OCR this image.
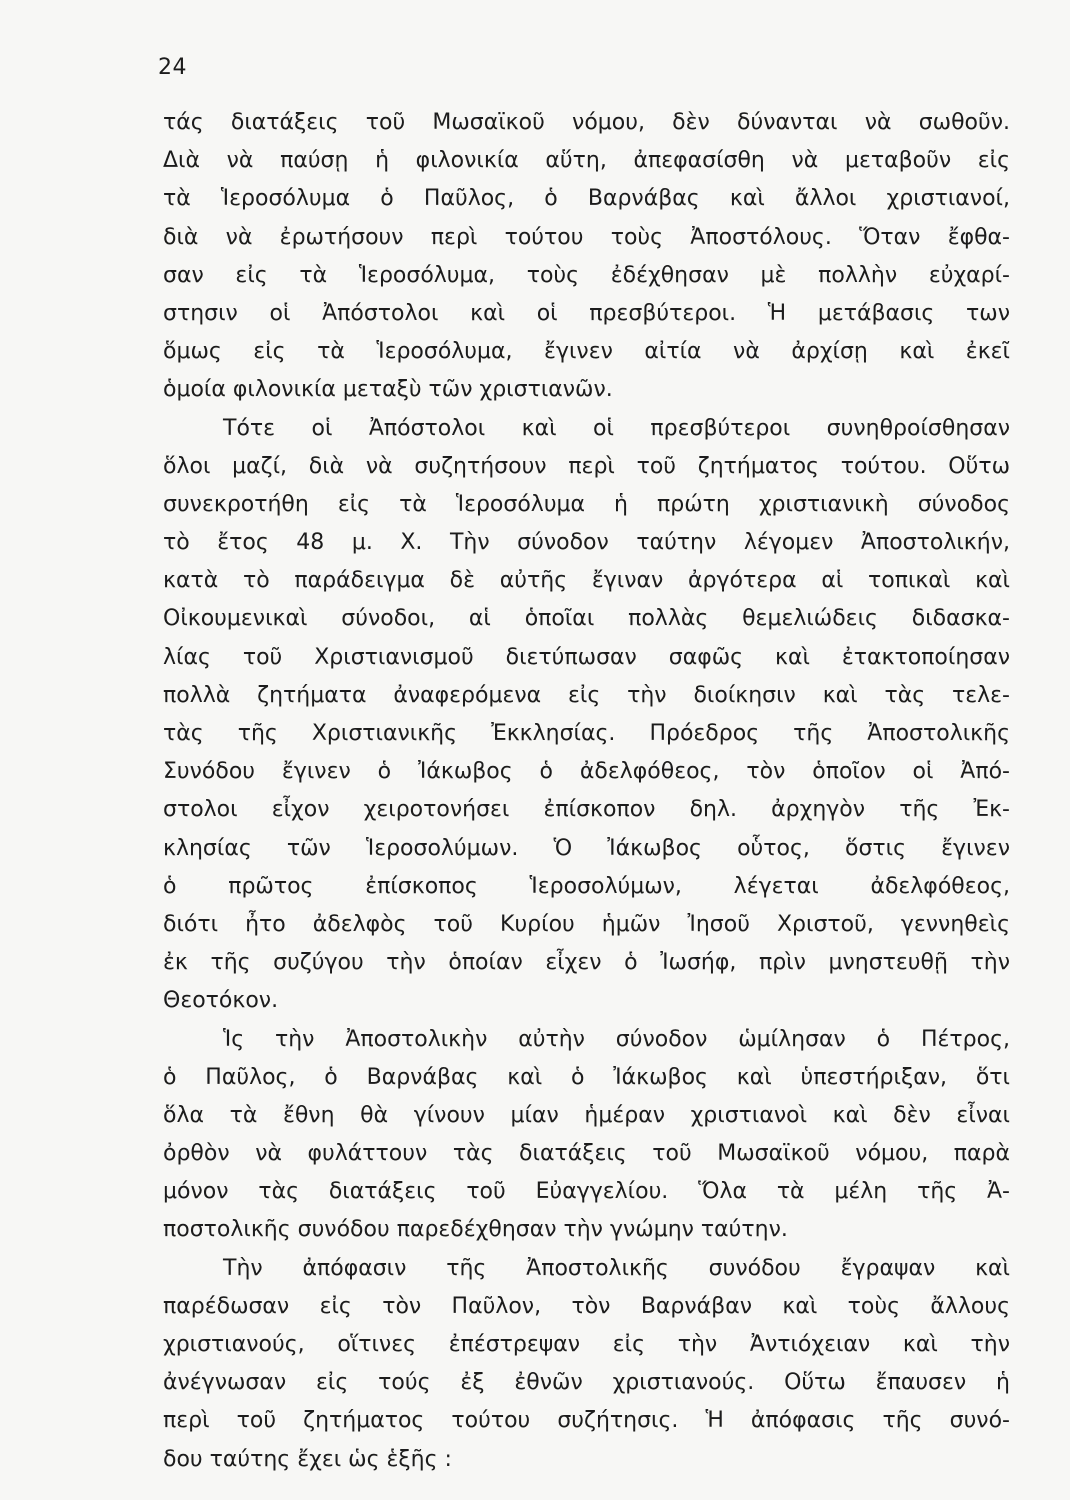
24
τάς διατάξεις τοῦ Μωσαϊκοῦ νόμου, δὲν δύνανται νὰ σωθοῦν.
Διὰ νὰ παύσῃ ἡ φιλονικία αὕτη, ἀπεφασίσθη νὰ μεταβοῦν εἰς
τὰ Ἱεροσόλυμα ὁ Παῦλος, ὁ Βαρνάβας καὶ ἄλλοι χριστιανοί,
διὰ νὰ ἐρωτήσουν περὶ τούτου τοὺς Ἀποστόλους. Ὅταν ἔφθα-
σαν εἰς τὰ Ἱεροσόλυμα, τοὺς ἐδέχθησαν μὲ πολλὴν εὐχαρί-
στησιν οἱ Ἀπόστολοι καὶ οἱ πρεσβύτεροι. Ἡ μετάβασις των
ὅμως εἰς τὰ Ἱεροσόλυμα, ἔγινεν αἰτία νὰ ἀρχίσῃ καὶ ἐκεῖ
ὁμοία φιλονικία μεταξὺ τῶν χριστιανῶν.
Τότε οἱ Ἀπόστολοι καὶ οἱ πρεσβύτεροι συνηθροίσθησαν
ὅλοι μαζί, διὰ νὰ συζητήσουν περὶ τοῦ ζητήματος τούτου. Οὕτω
συνεκροτήθη εἰς τὰ Ἱεροσόλυμα ἡ πρώτη χριστιανικὴ σύνοδος
τὸ ἔτος 48 μ. Χ. Τὴν σύνοδον ταύτην λέγομεν Ἀποστολικήν,
κατὰ τὸ παράδειγμα δὲ αὐτῆς ἔγιναν ἀργότερα αἱ τοπικαὶ καὶ
Οἰκουμενικαὶ σύνοδοι, αἱ ὁποῖαι πολλὰς θεμελιώδεις διδασκα-
λίας τοῦ Χριστιανισμοῦ διετύπωσαν σαφῶς καὶ ἐτακτοποίησαν
πολλὰ ζητήματα ἀναφερόμενα εἰς τὴν διοίκησιν καὶ τὰς τελε-
τὰς τῆς Χριστιανικῆς Ἐκκλησίας. Πρόεδρος τῆς Ἀποστολικῆς
Συνόδου ἔγινεν ὁ Ἰάκωβος ὁ ἀδελφόθεος, τὸν ὁποῖον οἱ Ἀπό-
στολοι εἶχον χειροτονήσει ἐπίσκοπον δηλ. ἀρχηγὸν τῆς Ἐκ-
κλησίας τῶν Ἱεροσολύμων. Ὁ Ἰάκωβος οὗτος, ὅστις ἔγινεν
ὁ πρῶτος ἐπίσκοπος Ἱεροσολύμων, λέγεται ἀδελφόθεος,
διότι ἦτο ἀδελφὸς τοῦ Κυρίου ἡμῶν Ἰησοῦ Χριστοῦ, γεννηθεὶς
ἐκ τῆς συζύγου τὴν ὁποίαν εἶχεν ὁ Ἰωσήφ, πρὶν μνηστευθῇ τὴν
Θεοτόκον.
Ἱς τὴν Ἀποστολικὴν αὐτὴν σύνοδον ὡμίλησαν ὁ Πέτρος,
ὁ Παῦλος, ὁ Βαρνάβας καὶ ὁ Ἰάκωβος καὶ ὑπεστήριξαν, ὅτι
ὅλα τὰ ἔθνη θὰ γίνουν μίαν ἡμέραν χριστιανοὶ καὶ δὲν εἶναι
ὀρθὸν νὰ φυλάττουν τὰς διατάξεις τοῦ Μωσαϊκοῦ νόμου, παρὰ
μόνον τὰς διατάξεις τοῦ Εὐαγγελίου. Ὅλα τὰ μέλη τῆς Ἀ-
ποστολικῆς συνόδου παρεδέχθησαν τὴν γνώμην ταύτην.
Τὴν ἀπόφασιν τῆς Ἀποστολικῆς συνόδου ἔγραψαν καὶ
παρέδωσαν εἰς τὸν Παῦλον, τὸν Βαρνάβαν καὶ τοὺς ἄλλους
χριστιανούς, οἵτινες ἐπέστρεψαν εἰς τὴν Ἀντιόχειαν καὶ τὴν
ἀνέγνωσαν εἰς τούς ἐξ ἐθνῶν χριστιανούς. Οὕτω ἔπαυσεν ἡ
περὶ τοῦ ζητήματος τούτου συζήτησις. Ἡ ἀπόφασις τῆς συνό-
δου ταύτης ἔχει ὡς ἑξῆς :
